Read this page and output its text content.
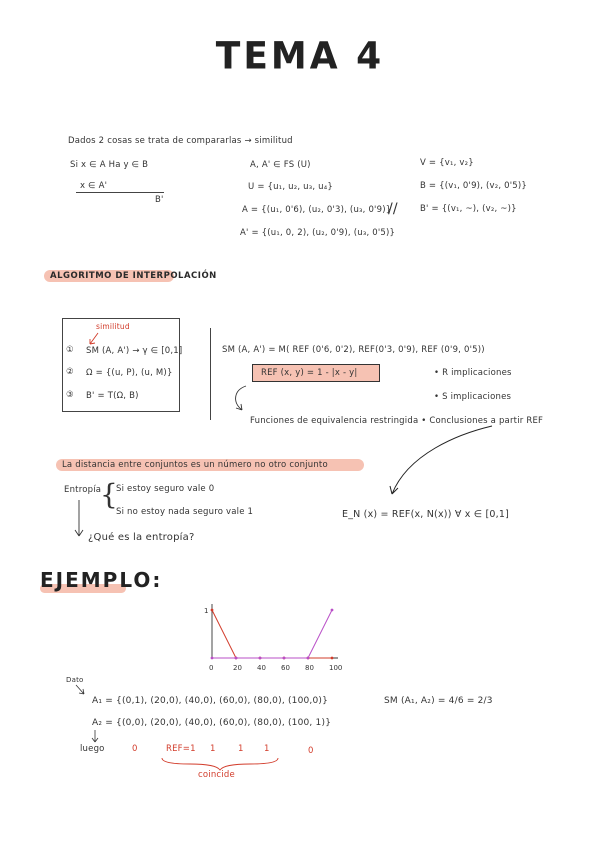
TEMA 4
Dados 2 cosas se trata de compararlas → similitud
Si x ∈ A Ha y ∈ B
x ∈ A'
B'
A, A' ∈ FS (U)
U = {u₁, u₂, u₃, u₄}
A = {(u₁, 0'6), (u₂, 0'3), (u₃, 0'9)}
A' = {(u₁, 0, 2), (u₂, 0'9), (u₃, 0'5)}
//
V = {v₁, v₂}
B = {(v₁, 0'9), (v₂, 0'5)}
B' = {(v₁, ~), (v₂, ~)}
ALGORITMO DE INTERPOLACIÓN
similitud
① SM (A, A') → γ ∈ [0,1]
② Ω = {(u, P), (u, M)}
③ B' = T(Ω, B)
SM (A, A') = M( REF (0'6, 0'2), REF(0'3, 0'9), REF (0'9, 0'5))
REF (x, y) = 1 - |x - y|	• R implicaciones
• S implicaciones
Funciones de equivalencia restringida • Conclusiones a partir REF
La distancia entre conjuntos es un número no otro conjunto
Entropía
{
Si estoy seguro vale 0
Si no estoy nada seguro vale 1
¿Qué es la entropía?
E_N (x) = REF(x, N(x)) ∀ x ∈ [0,1]
EJEMPLO:
1
0	20 40 60 80 100
Dato
A₁ = {(0,1), (20,0), (40,0), (60,0), (80,0), (100,0)}
A₂ = {(0,0), (20,0), (40,0), (60,0), (80,0), (100, 1)}
SM (A₁, A₂) = 4/6 = 2/3
luego	0	REF=1 1	1 1	0
coincide
